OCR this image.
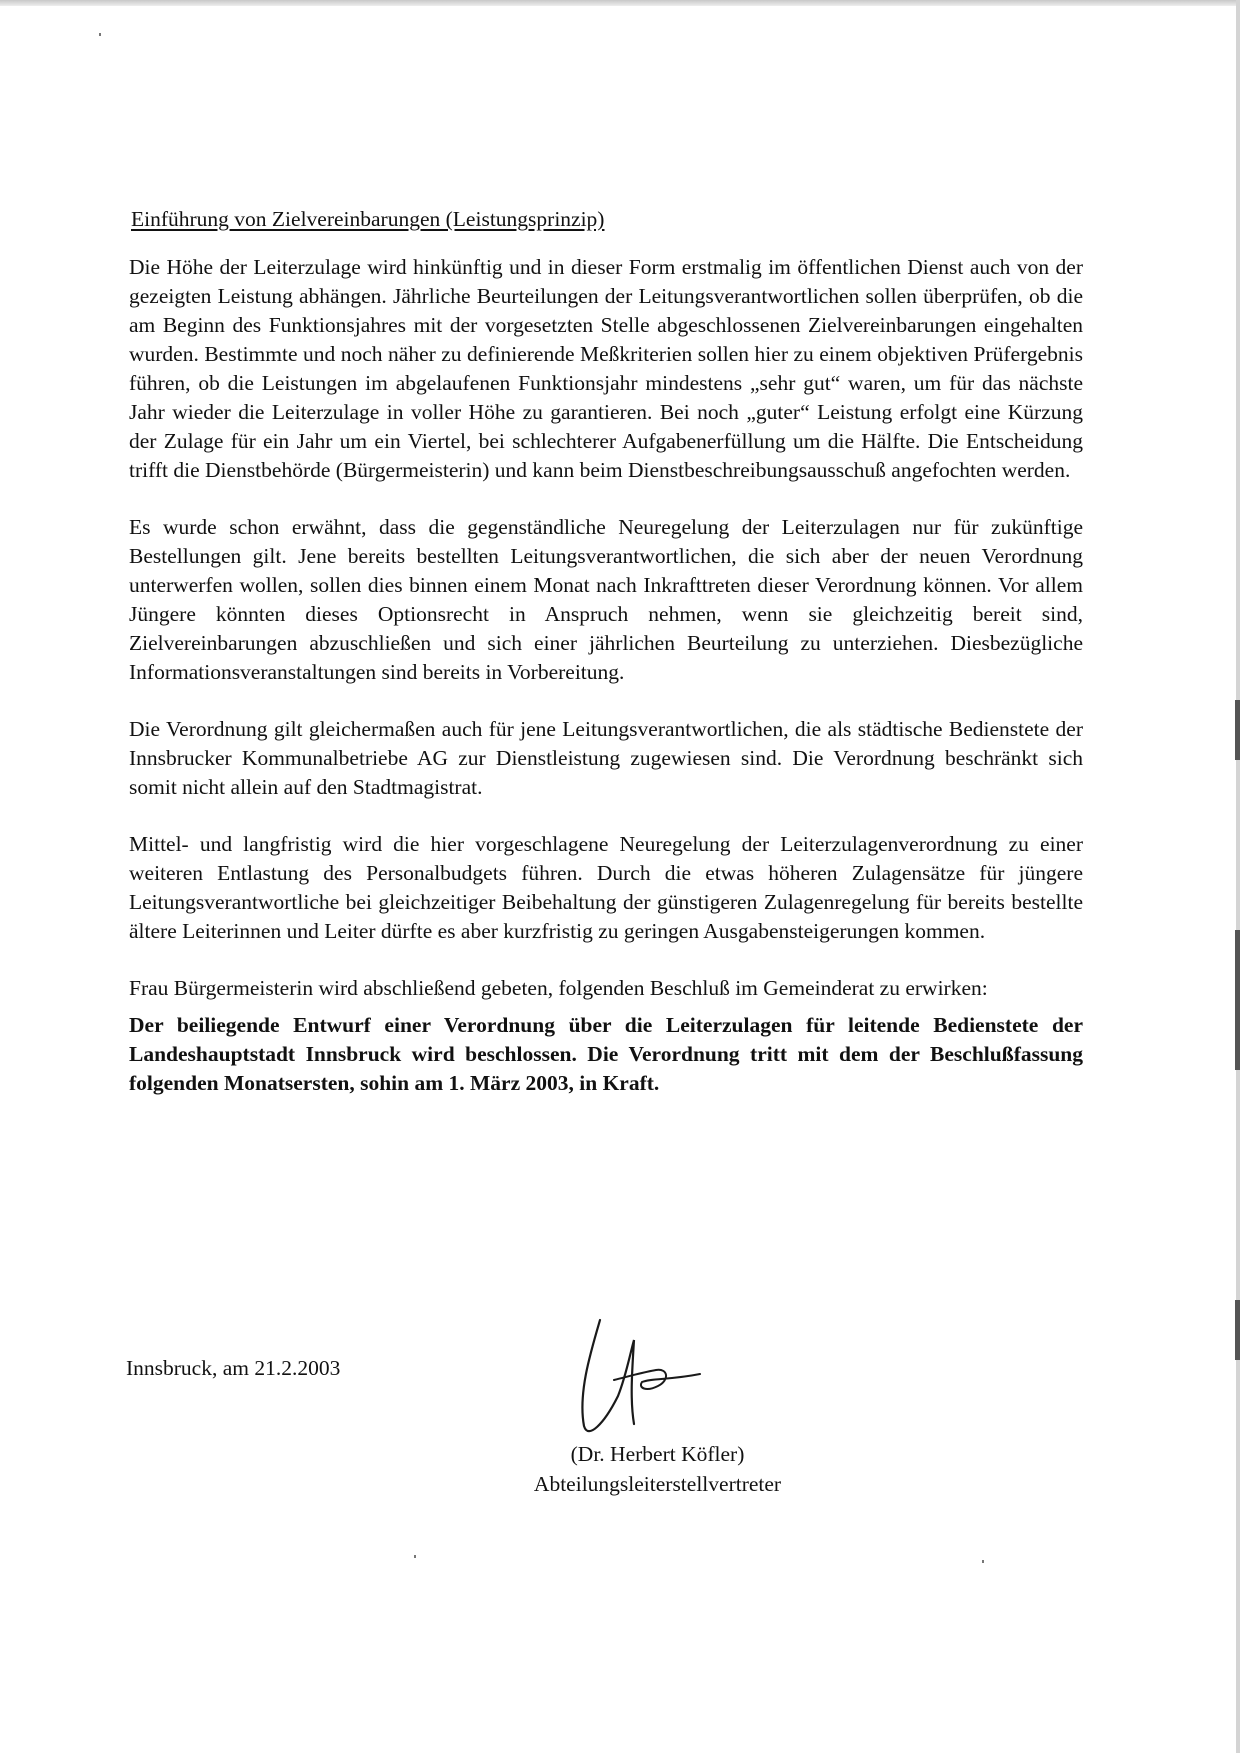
Einführung von Zielvereinbarungen (Leistungsprinzip)

Die Höhe der Leiterzulage wird hinkünftig und in dieser Form erstmalig im öffentlichen Dienst auch von der gezeigten Leistung abhängen. Jährliche Beurteilungen der Leitungsverantwortlichen sollen überprüfen, ob die am Beginn des Funktionsjahres mit der vorgesetzten Stelle abgeschlossenen Zielvereinbarungen eingehalten wurden. Bestimmte und noch näher zu definierende Meßkriterien sollen hier zu einem objektiven Prüfergebnis führen, ob die Leistungen im abgelaufenen Funktionsjahr mindestens „sehr gut“ waren, um für das nächste Jahr wieder die Leiterzulage in voller Höhe zu garantieren. Bei noch „guter“ Leistung erfolgt eine Kürzung der Zulage für ein Jahr um ein Viertel, bei schlechterer Aufgabenerfüllung um die Hälfte. Die Entscheidung trifft die Dienstbehörde (Bürgermeisterin) und kann beim Dienstbeschreibungsausschuß angefochten werden.

Es wurde schon erwähnt, dass die gegenständliche Neuregelung der Leiterzulagen nur für zukünftige Bestellungen gilt. Jene bereits bestellten Leitungsverantwortlichen, die sich aber der neuen Verordnung unterwerfen wollen, sollen dies binnen einem Monat nach Inkrafttreten dieser Verordnung können. Vor allem Jüngere könnten dieses Optionsrecht in Anspruch nehmen, wenn sie gleichzeitig bereit sind, Zielvereinbarungen abzuschließen und sich einer jährlichen Beurteilung zu unterziehen. Diesbezügliche Informationsveranstaltungen sind bereits in Vorbereitung.

Die Verordnung gilt gleichermaßen auch für jene Leitungsverantwortlichen, die als städtische Bedienstete der Innsbrucker Kommunalbetriebe AG zur Dienstleistung zugewiesen sind. Die Verordnung beschränkt sich somit nicht allein auf den Stadtmagistrat.

Mittel- und langfristig wird die hier vorgeschlagene Neuregelung der Leiterzulagenverordnung zu einer weiteren Entlastung des Personalbudgets führen. Durch die etwas höheren Zulagensätze für jüngere Leitungsverantwortliche bei gleichzeitiger Beibehaltung der günstigeren Zulagenregelung für bereits bestellte ältere Leiterinnen und Leiter dürfte es aber kurzfristig zu geringen Ausgabensteigerungen kommen.

Frau Bürgermeisterin wird abschließend gebeten, folgenden Beschluß im Gemeinderat zu erwirken:

Der beiliegende Entwurf einer Verordnung über die Leiterzulagen für leitende Bedienstete der Landeshauptstadt Innsbruck wird beschlossen. Die Verordnung tritt mit dem der Beschlußfassung folgenden Monatsersten, sohin am 1. März 2003, in Kraft.

Innsbruck, am 21.2.2003
(Dr. Herbert Köfler)
Abteilungsleiterstellvertreter
